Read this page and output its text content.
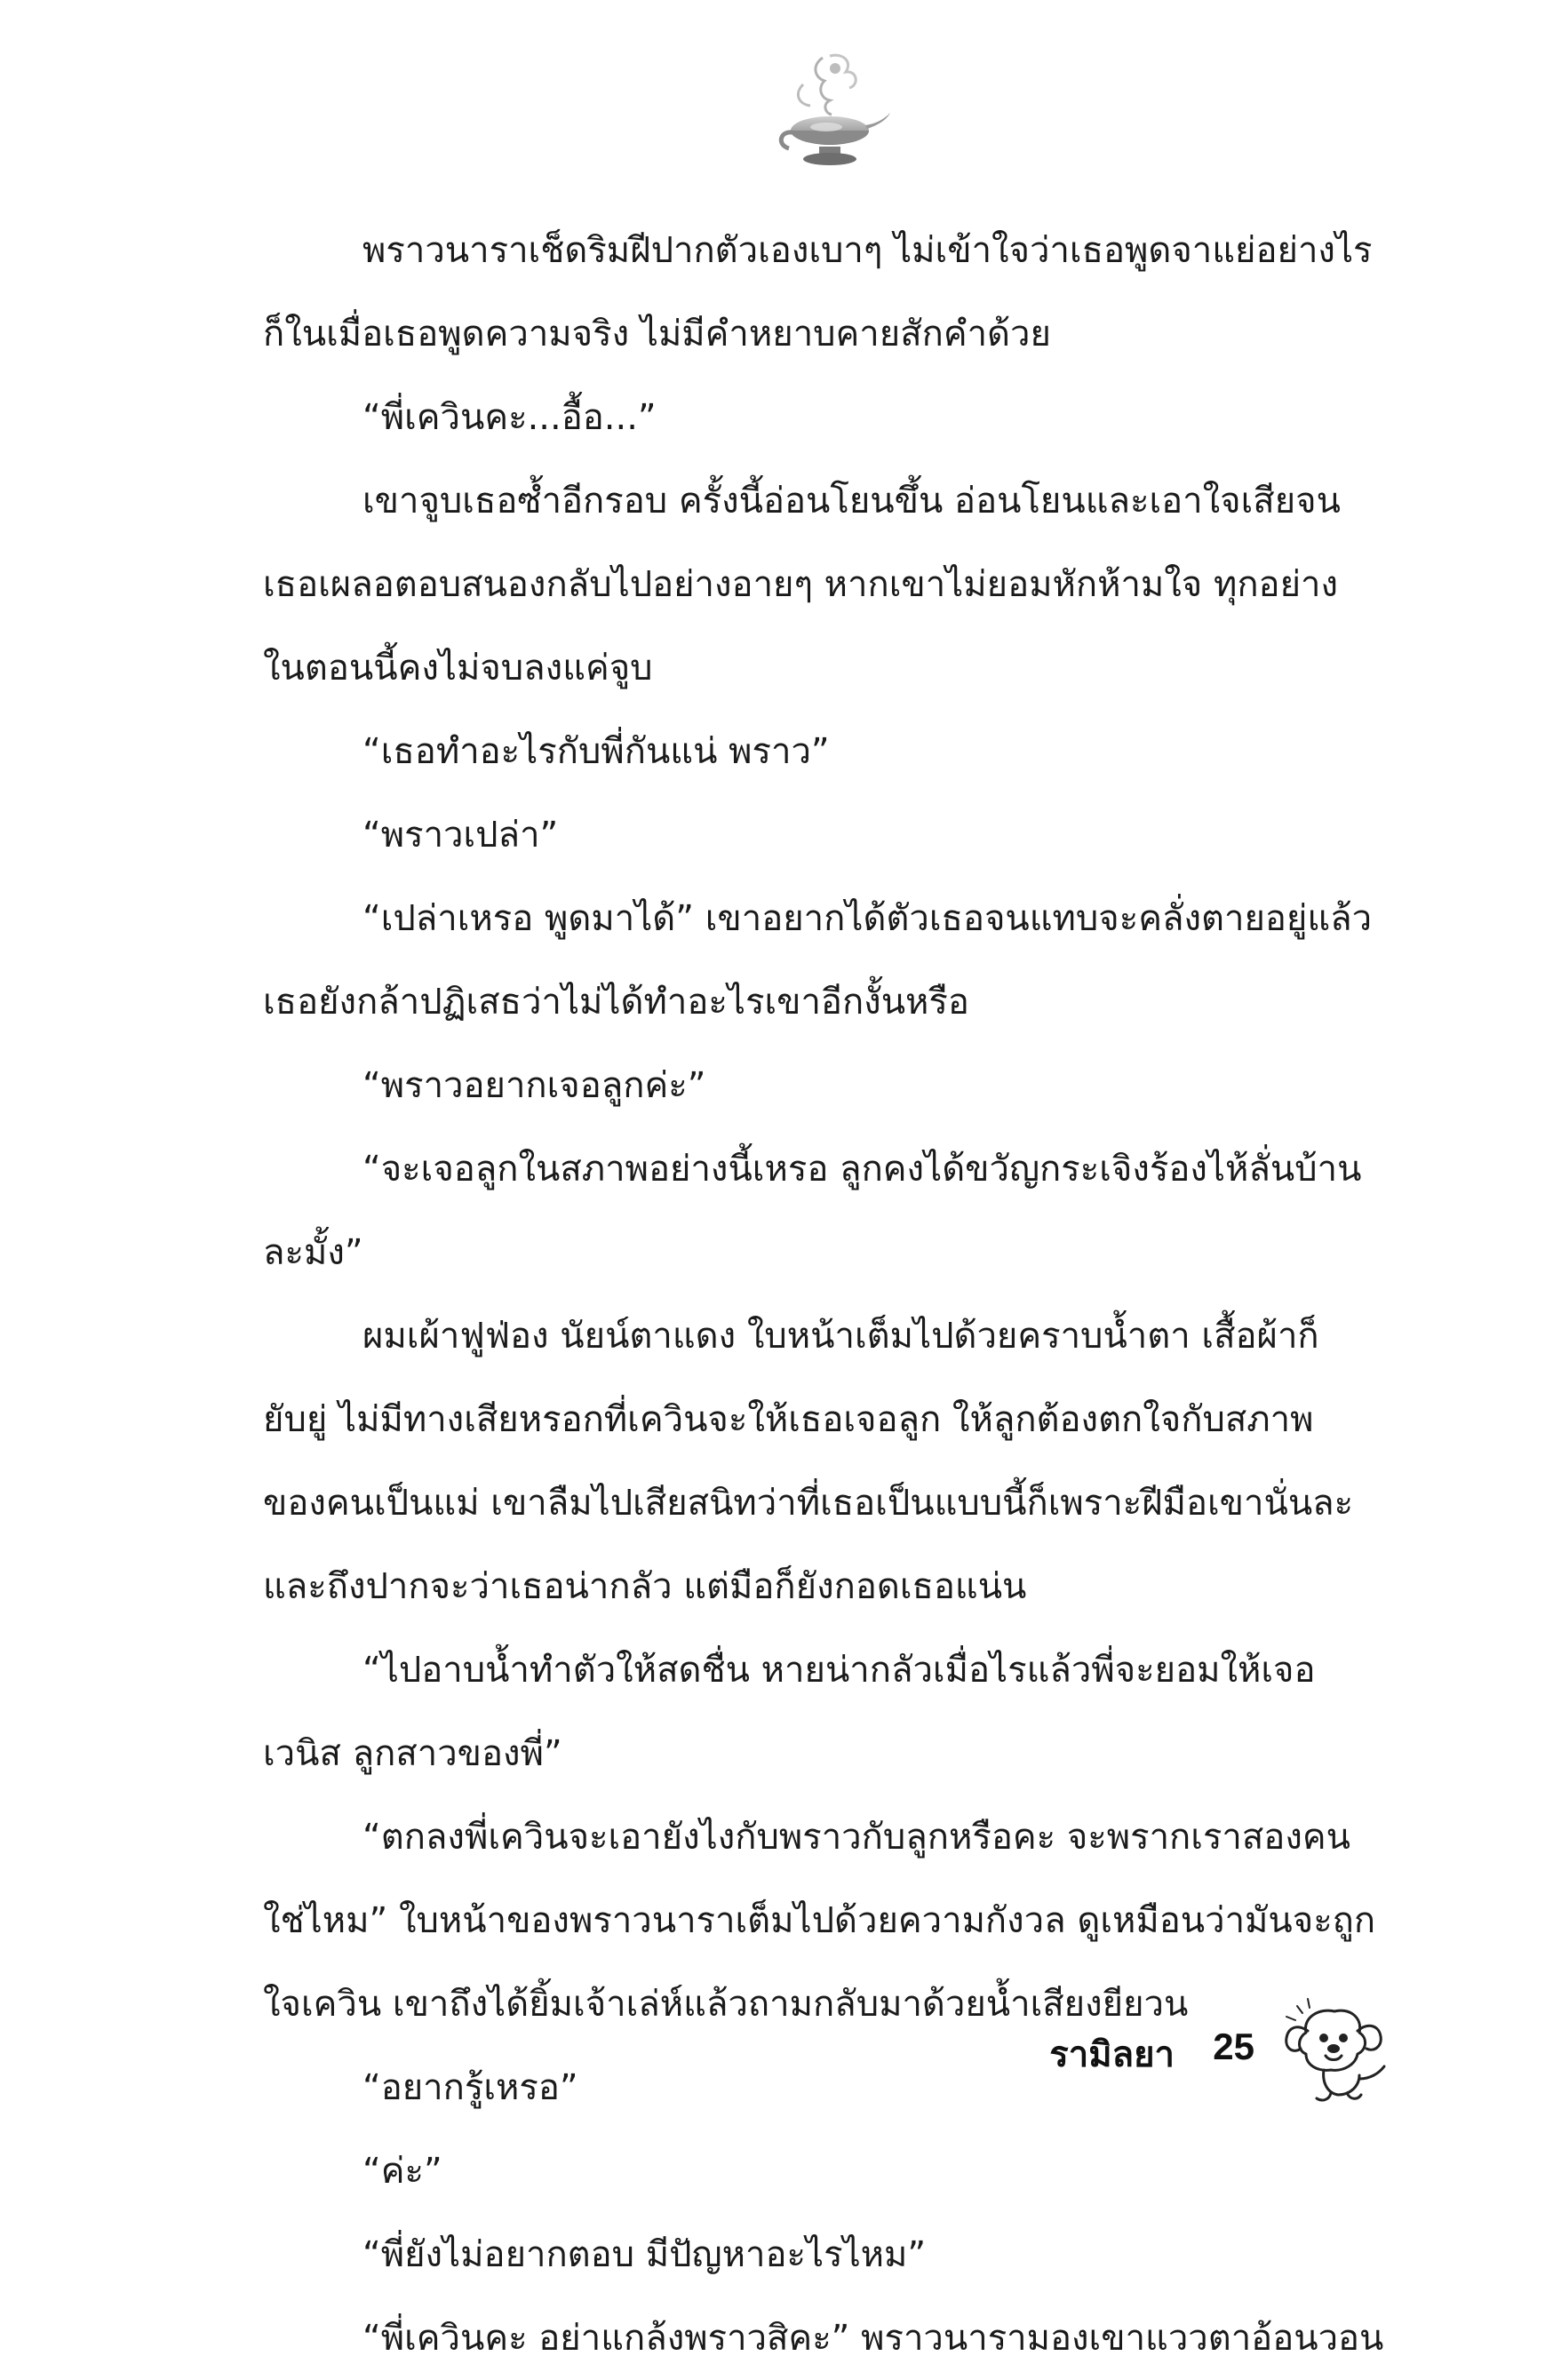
พราวนาราเช็ดริมฝีปากตัวเองเบาๆ ไม่เข้าใจว่าเธอพูดจาแย่อย่างไร
ก็ในเมื่อเธอพูดความจริง ไม่มีคำหยาบคายสักคำด้วย
“พี่เควินคะ...อื้อ...”
เขาจูบเธอซ้ำอีกรอบ ครั้งนี้อ่อนโยนขึ้น อ่อนโยนและเอาใจเสียจน
เธอเผลอตอบสนองกลับไปอย่างอายๆ หากเขาไม่ยอมหักห้ามใจ ทุกอย่าง
ในตอนนี้คงไม่จบลงแค่จูบ
“เธอทำอะไรกับพี่กันแน่ พราว”
“พราวเปล่า”
“เปล่าเหรอ พูดมาได้” เขาอยากได้ตัวเธอจนแทบจะคลั่งตายอยู่แล้ว
เธอยังกล้าปฏิเสธว่าไม่ได้ทำอะไรเขาอีกงั้นหรือ
“พราวอยากเจอลูกค่ะ”
“จะเจอลูกในสภาพอย่างนี้เหรอ ลูกคงได้ขวัญกระเจิงร้องไห้ลั่นบ้าน
ละมั้ง”
ผมเผ้าฟูฟ่อง นัยน์ตาแดง ใบหน้าเต็มไปด้วยคราบน้ำตา เสื้อผ้าก็
ยับยู่ ไม่มีทางเสียหรอกที่เควินจะให้เธอเจอลูก ให้ลูกต้องตกใจกับสภาพ
ของคนเป็นแม่ เขาลืมไปเสียสนิทว่าที่เธอเป็นแบบนี้ก็เพราะฝีมือเขานั่นละ
และถึงปากจะว่าเธอน่ากลัว แต่มือก็ยังกอดเธอแน่น
“ไปอาบน้ำทำตัวให้สดชื่น หายน่ากลัวเมื่อไรแล้วพี่จะยอมให้เจอ
เวนิส ลูกสาวของพี่”
“ตกลงพี่เควินจะเอายังไงกับพราวกับลูกหรือคะ จะพรากเราสองคน
ใช่ไหม” ใบหน้าของพราวนาราเต็มไปด้วยความกังวล ดูเหมือนว่ามันจะถูก
ใจเควิน เขาถึงได้ยิ้มเจ้าเล่ห์แล้วถามกลับมาด้วยน้ำเสียงยียวน
“อยากรู้เหรอ”
“ค่ะ”
“พี่ยังไม่อยากตอบ มีปัญหาอะไรไหม”
“พี่เควินคะ อย่าแกล้งพราวสิคะ” พราวนารามองเขาแววตาอ้อนวอน
รามิลยา 25
